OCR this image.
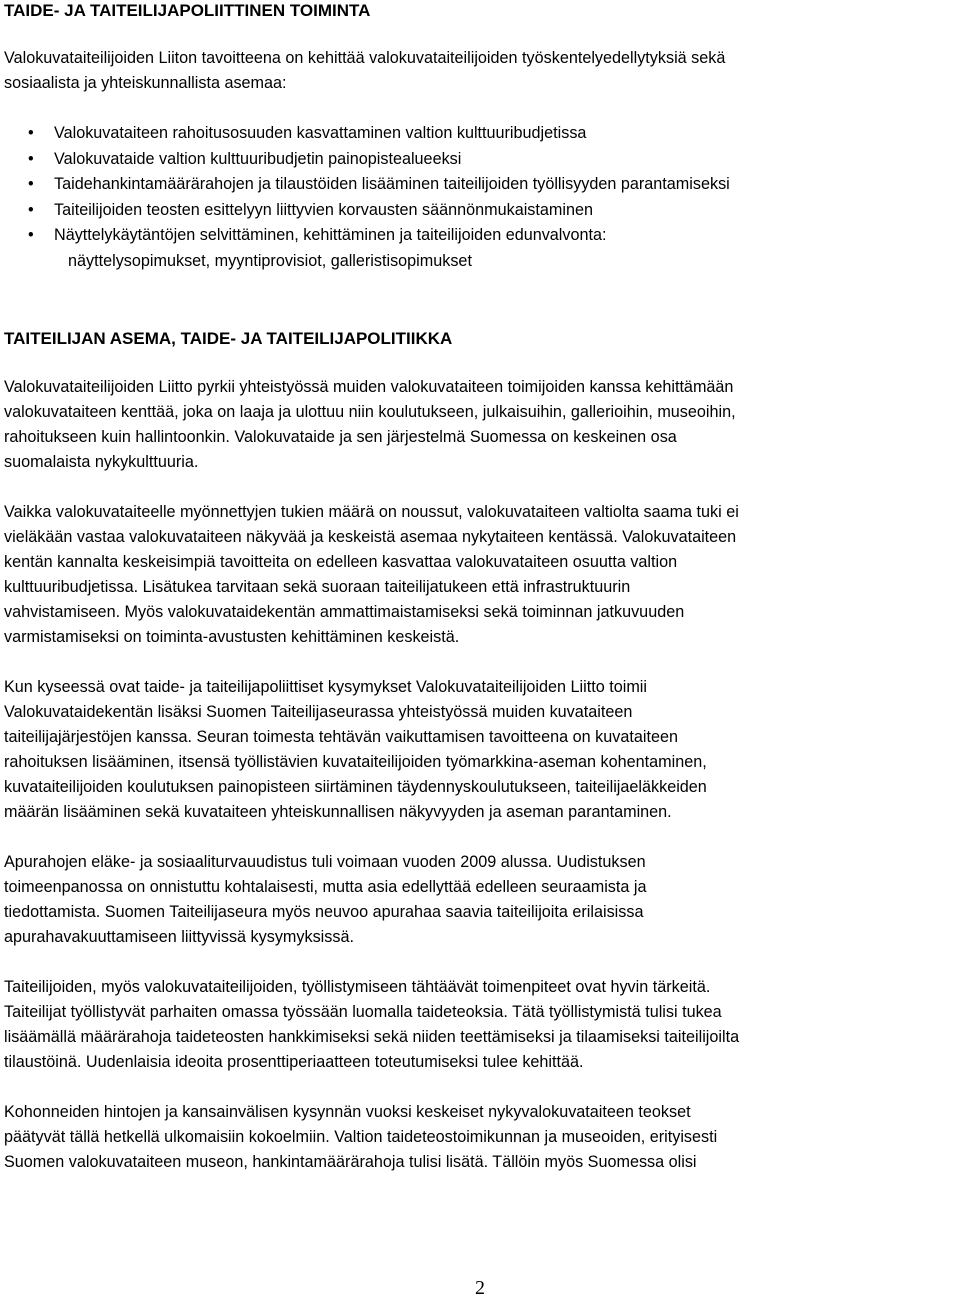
TAIDE- JA TAITEILIJAPOLIITTINEN TOIMINTA

Valokuvataiteilijoiden Liiton tavoitteena on kehittää valokuvataiteilijoiden työskentelyedellytyksiä sekä
sosiaalista ja yhteiskunnallista asemaa:

•	Valokuvataiteen rahoitusosuuden kasvattaminen valtion kulttuuribudjetissa
•	Valokuvataide valtion kulttuuribudjetin painopistealueeksi
•	Taidehankintamäärärahojen ja tilaustöiden lisääminen taiteilijoiden työllisyyden parantamiseksi
•	Taiteilijoiden teosten esittelyyn liittyvien korvausten säännönmukaistaminen
•	Näyttelykäytäntöjen selvittäminen, kehittäminen ja taiteilijoiden edunvalvonta:
näyttelysopimukset, myyntiprovisiot, galleristisopimukset
TAITEILIJAN ASEMA, TAIDE- JA TAITEILIJAPOLITIIKKA

Valokuvataiteilijoiden Liitto pyrkii yhteistyössä muiden valokuvataiteen toimijoiden kanssa kehittämään
valokuvataiteen kenttää, joka on laaja ja ulottuu niin koulutukseen, julkaisuihin, gallerioihin, museoihin,
rahoitukseen kuin hallintoonkin. Valokuvataide ja sen järjestelmä Suomessa on keskeinen osa
suomalaista nykykulttuuria.

Vaikka valokuvataiteelle myönnettyjen tukien määrä on noussut, valokuvataiteen valtiolta saama tuki ei
vieläkään vastaa valokuvataiteen näkyvää ja keskeistä asemaa nykytaiteen kentässä. Valokuvataiteen
kentän kannalta keskeisimpiä tavoitteita on edelleen kasvattaa valokuvataiteen osuutta valtion
kulttuuribudjetissa. Lisätukea tarvitaan sekä suoraan taiteilijatukeen että infrastruktuurin
vahvistamiseen. Myös valokuvataidekentän ammattimaistamiseksi sekä toiminnan jatkuvuuden
varmistamiseksi on toiminta-avustusten kehittäminen keskeistä.

Kun kyseessä ovat taide- ja taiteilijapoliittiset kysymykset Valokuvataiteilijoiden Liitto toimii
Valokuvataidekentän lisäksi Suomen Taiteilijaseurassa yhteistyössä muiden kuvataiteen
taiteilijajärjestöjen kanssa. Seuran toimesta tehtävän vaikuttamisen tavoitteena on kuvataiteen
rahoituksen lisääminen, itsensä työllistävien kuvataiteilijoiden työmarkkina-aseman kohentaminen,
kuvataiteilijoiden koulutuksen painopisteen siirtäminen täydennyskoulutukseen, taiteilijaeläkkeiden
määrän lisääminen sekä kuvataiteen yhteiskunnallisen näkyvyyden ja aseman parantaminen.

Apurahojen eläke- ja sosiaaliturvauudistus tuli voimaan vuoden 2009 alussa. Uudistuksen
toimeenpanossa on onnistuttu kohtalaisesti, mutta asia edellyttää edelleen seuraamista ja
tiedottamista. Suomen Taiteilijaseura myös neuvoo apurahaa saavia taiteilijoita erilaisissa
apurahavakuuttamiseen liittyvissä kysymyksissä.

Taiteilijoiden, myös valokuvataiteilijoiden, työllistymiseen tähtäävät toimenpiteet ovat hyvin tärkeitä.
Taiteilijat työllistyvät parhaiten omassa työssään luomalla taideteoksia. Tätä työllistymistä tulisi tukea
lisäämällä määrärahoja taideteosten hankkimiseksi sekä niiden teettämiseksi ja tilaamiseksi taiteilijoilta
tilaustöinä. Uudenlaisia ideoita prosenttiperiaatteen toteutumiseksi tulee kehittää.

Kohonneiden hintojen ja kansainvälisen kysynnän vuoksi keskeiset nykyvalokuvataiteen teokset
päätyvät tällä hetkellä ulkomaisiin kokoelmiin. Valtion taideteostoimikunnan ja museoiden, erityisesti
Suomen valokuvataiteen museon, hankintamäärärahoja tulisi lisätä. Tällöin myös Suomessa olisi

2
